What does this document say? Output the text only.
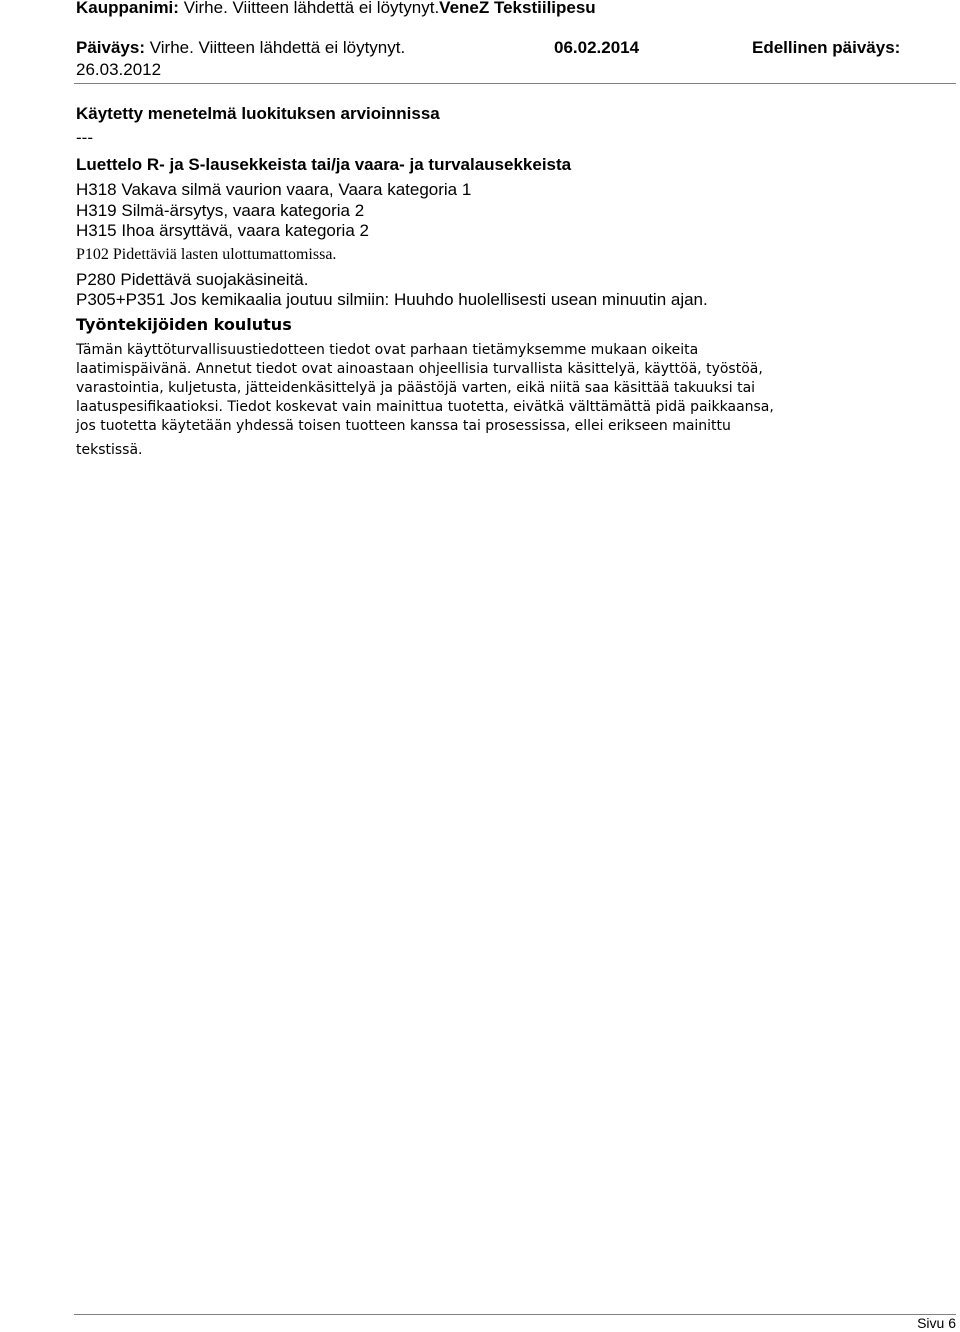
Kauppanimi: Virhe. Viitteen lähdettä ei löytynyt.VeneZ Tekstiilipesu
Päiväys: Virhe. Viitteen lähdettä ei löytynyt.	06.02.2014	Edellinen päiväys:
26.03.2012
Käytetty menetelmä luokituksen arvioinnissa
---
Luettelo R- ja S-lausekkeista tai/ja vaara- ja turvalausekkeista
H318 Vakava silmä vaurion vaara, Vaara kategoria 1
H319 Silmä-ärsytys, vaara kategoria 2
H315 Ihoa ärsyttävä, vaara kategoria 2
P102 Pidettäviä lasten ulottumattomissa.
P280 Pidettävä suojakäsineitä.
P305+P351 Jos kemikaalia joutuu silmiin: Huuhdo huolellisesti usean minuutin ajan.
Työntekijöiden koulutus
Tämän käyttöturvallisuustiedotteen tiedot ovat parhaan tietämyksemme mukaan oikeita laatimispäivänä. Annetut tiedot ovat ainoastaan ohjeellisia turvallista käsittelyä, käyttöä, työstöä, varastointia, kuljetusta, jätteidenkäsittelyä ja päästöjä varten, eikä niitä saa käsittää takuuksi tai laatuspesifikaatioksi. Tiedot koskevat vain mainittua tuotetta, eivätkä välttämättä pidä paikkaansa, jos tuotetta käytetään yhdessä toisen tuotteen kanssa tai prosessissa, ellei erikseen mainittu
tekstissä.
Sivu 6
